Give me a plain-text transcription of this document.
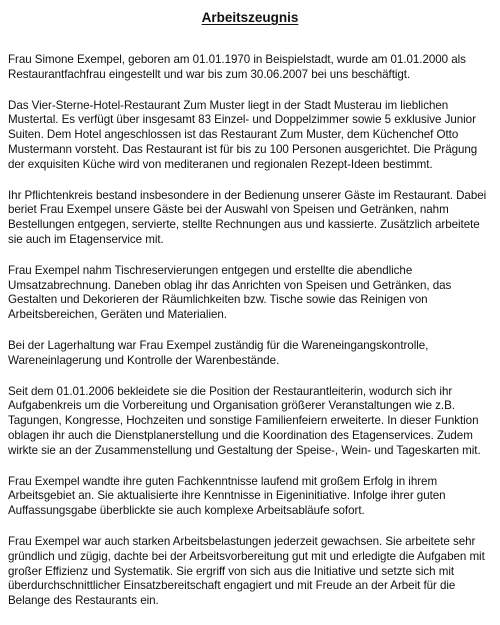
Arbeitszeugnis

Frau Simone Exempel, geboren am 01.01.1970 in Beispielstadt, wurde am 01.01.2000 als Restaurantfachfrau eingestellt und war bis zum 30.06.2007 bei uns beschäftigt.

Das Vier-Sterne-Hotel-Restaurant Zum Muster liegt in der Stadt Musterau im lieblichen Mustertal. Es verfügt über insgesamt 83 Einzel- und Doppelzimmer sowie 5 exklusive Junior Suiten. Dem Hotel angeschlossen ist das Restaurant Zum Muster, dem Küchenchef Otto Mustermann vorsteht. Das Restaurant ist für bis zu 100 Personen ausgerichtet. Die Prägung der exquisiten Küche wird von mediteranen und regionalen Rezept-Ideen bestimmt.

Ihr Pflichtenkreis bestand insbesondere in der Bedienung unserer Gäste im Restaurant. Dabei beriet Frau Exempel unsere Gäste bei der Auswahl von Speisen und Getränken, nahm Bestellungen entgegen, servierte, stellte Rechnungen aus und kassierte. Zusätzlich arbeitete sie auch im Etagenservice mit.

Frau Exempel nahm Tischreservierungen entgegen und erstellte die abendliche Umsatzabrechnung. Daneben oblag ihr das Anrichten von Speisen und Getränken, das Gestalten und Dekorieren der Räumlichkeiten bzw. Tische sowie das Reinigen von Arbeitsbereichen, Geräten und Materialien.

Bei der Lagerhaltung war Frau Exempel zuständig für die Wareneingangskontrolle, Wareneinlagerung und Kontrolle der Warenbestände.

Seit dem 01.01.2006 bekleidete sie die Position der Restaurantleiterin, wodurch sich ihr Aufgabenkreis um die Vorbereitung und Organisation größerer Veranstaltungen wie z.B. Tagungen, Kongresse, Hochzeiten und sonstige Familienfeiern erweiterte. In dieser Funktion oblagen ihr auch die Dienstplanerstellung und die Koordination des Etagenservices. Zudem wirkte sie an der Zusammenstellung und Gestaltung der Speise-, Wein- und Tageskarten mit.

Frau Exempel wandte ihre guten Fachkenntnisse laufend mit großem Erfolg in ihrem Arbeitsgebiet an. Sie aktualisierte ihre Kenntnisse in Eigeninitiative. Infolge ihrer guten Auffassungsgabe überblickte sie auch komplexe Arbeitsabläufe sofort.

Frau Exempel war auch starken Arbeitsbelastungen jederzeit gewachsen. Sie arbeitete sehr gründlich und zügig, dachte bei der Arbeitsvorbereitung gut mit und erledigte die Aufgaben mit großer Effizienz und Systematik. Sie ergriff von sich aus die Initiative und setzte sich mit überdurchschnittlicher Einsatzbereitschaft engagiert und mit Freude an der Arbeit für die Belange des Restaurants ein.
